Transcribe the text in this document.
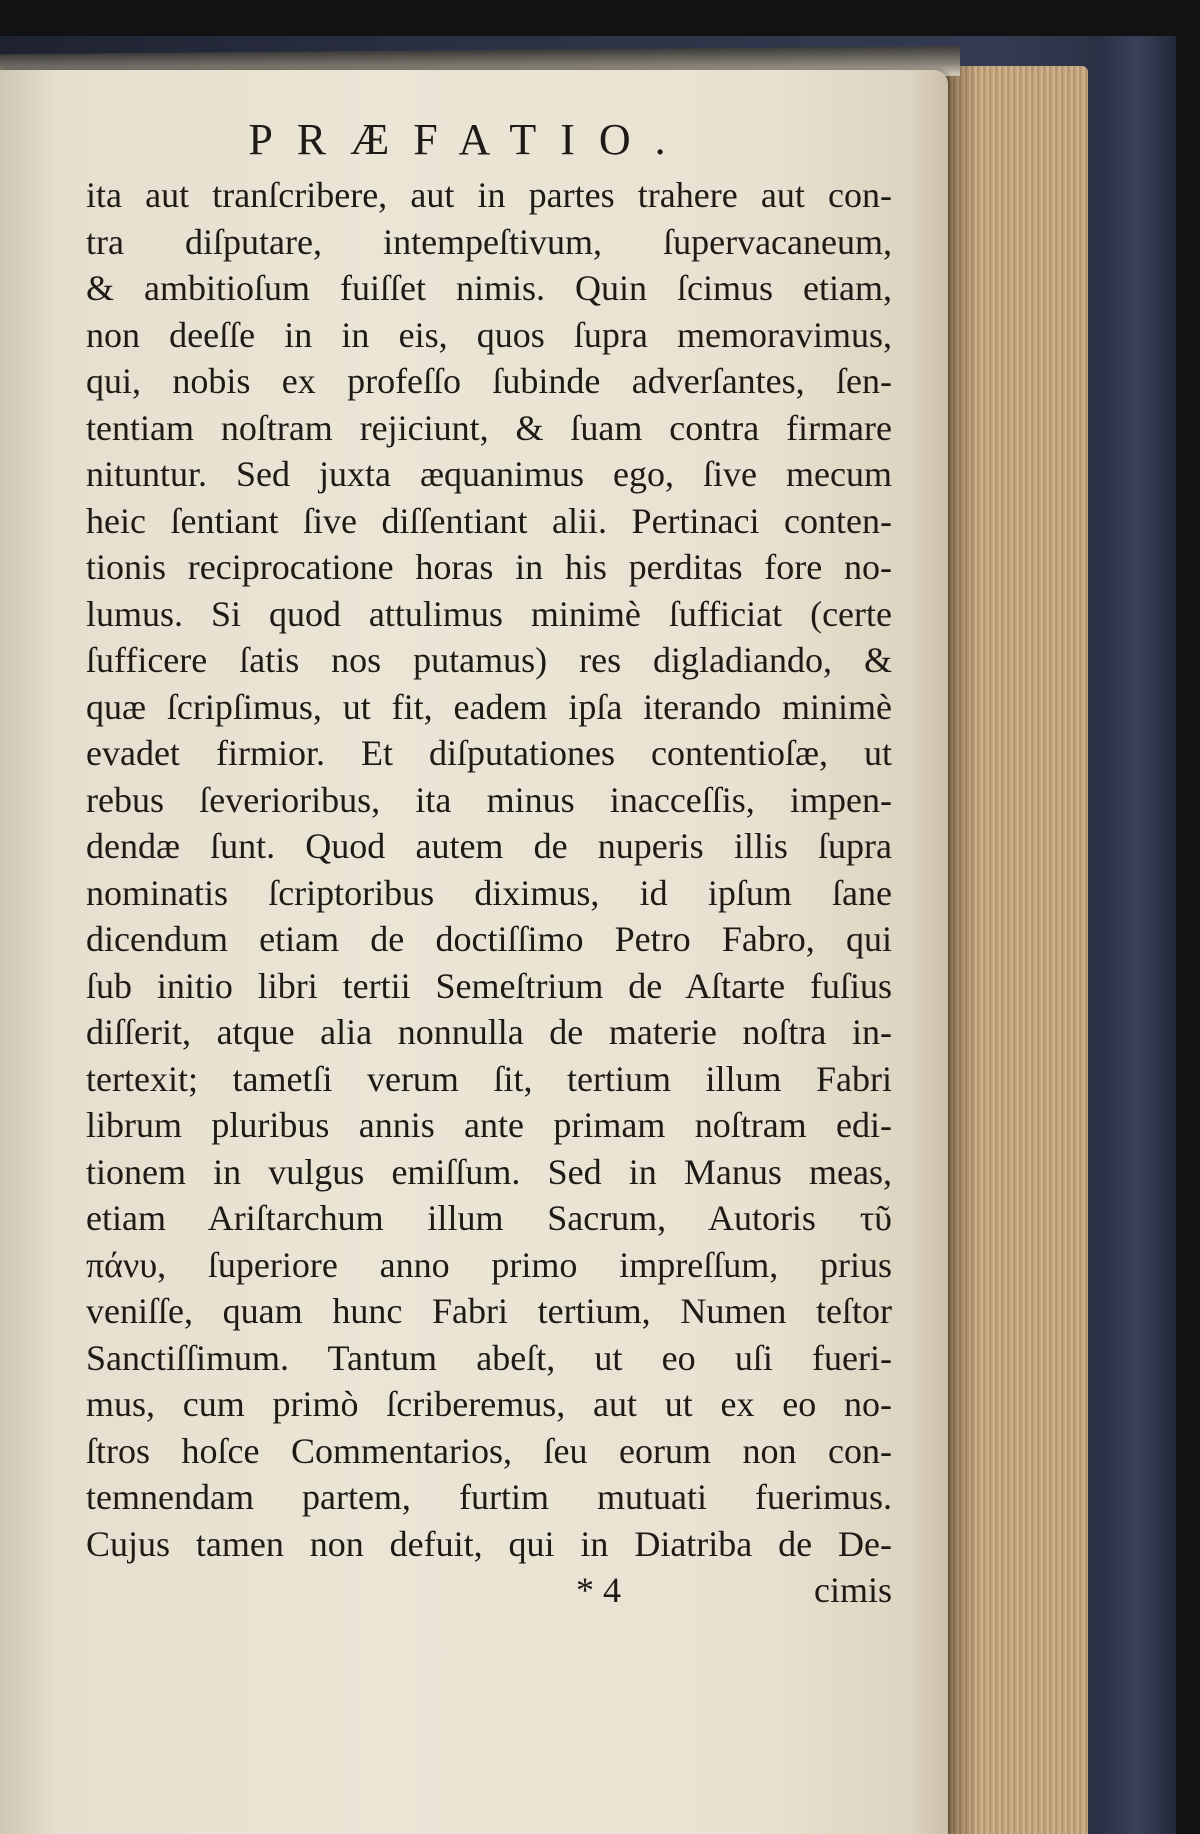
PRÆFATIO.
ita aut tranſcribere, aut in partes trahere aut con-
tra diſputare, intempeſtivum, ſupervacaneum,
& ambitioſum fuiſſet nimis. Quin ſcimus etiam,
non deeſſe in in eis, quos ſupra memoravimus,
qui, nobis ex profeſſo ſubinde adverſantes, ſen-
tentiam noſtram rejiciunt, & ſuam contra firmare
nituntur. Sed juxta æquanimus ego, ſive mecum
heic ſentiant ſive diſſentiant alii. Pertinaci conten-
tionis reciprocatione horas in his perditas fore no-
lumus. Si quod attulimus minimè ſufficiat (certe
ſufficere ſatis nos putamus) res digladiando, &
quæ ſcripſimus, ut fit, eadem ipſa iterando minimè
evadet firmior. Et diſputationes contentioſæ, ut
rebus ſeverioribus, ita minus inacceſſis, impen-
dendæ ſunt. Quod autem de nuperis illis ſupra
nominatis ſcriptoribus diximus, id ipſum ſane
dicendum etiam de doctiſſimo Petro Fabro, qui
ſub initio libri tertii Semeſtrium de Aſtarte fuſius
diſſerit, atque alia nonnulla de materie noſtra in-
tertexit; tametſi verum ſit, tertium illum Fabri
librum pluribus annis ante primam noſtram edi-
tionem in vulgus emiſſum. Sed in Manus meas,
etiam Ariſtarchum illum Sacrum, Autoris τῦ
πάνυ, ſuperiore anno primo impreſſum, prius
veniſſe, quam hunc Fabri tertium, Numen teſtor
Sanctiſſimum. Tantum abeſt, ut eo uſi fueri-
mus, cum primò ſcriberemus, aut ut ex eo no-
ſtros hoſce Commentarios, ſeu eorum non con-
temnendam partem, furtim mutuati fuerimus.
Cujus tamen non defuit, qui in Diatriba de De-
* 4	cimis
